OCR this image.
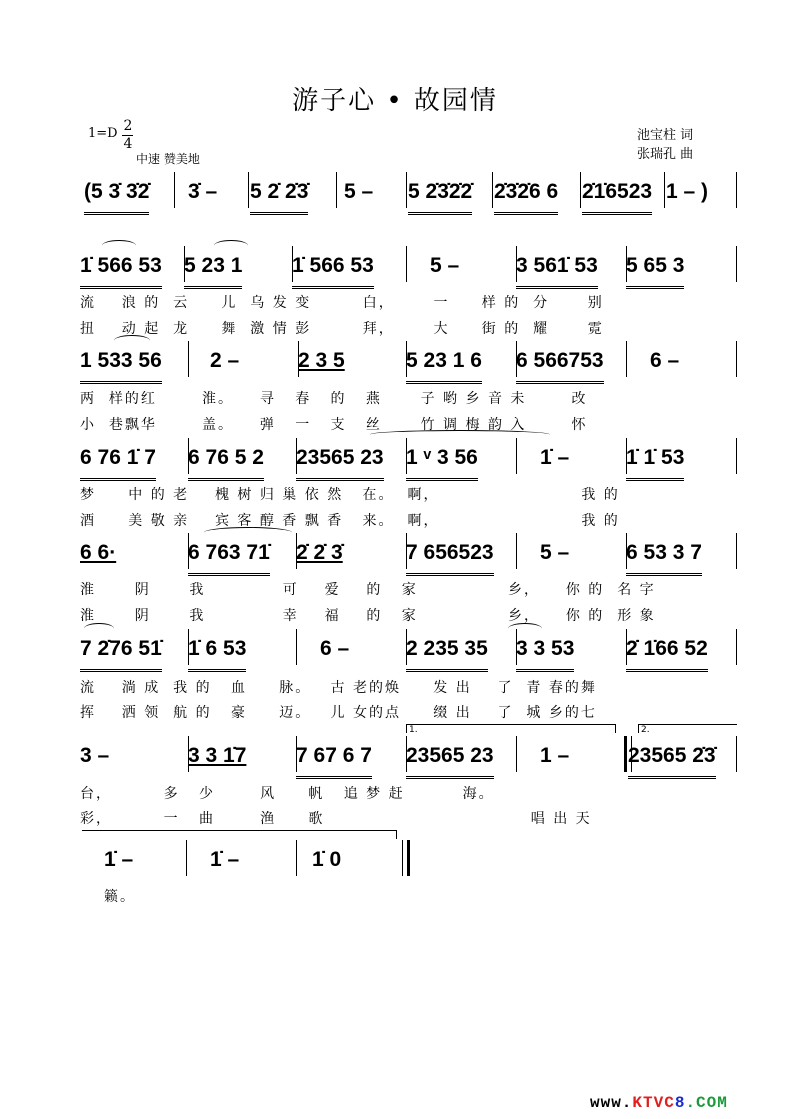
游子心 • 故园情
1=D 2
4
中速 赞美地
池宝柱 词
张瑞孔 曲
(5 3̇ 3̇2̇ 3̇ – 5 2̇ 2̇3̇ 5 – 5 2̇3̇2̇2̇ 2̇3̇2̇6 6 2̇1̇6523 1 – )
1̇ 566 53 5 23 1 1̇ 566 53	5 –	3 561̇ 53 5 65 3
流    浪 的  云     儿  乌 发 变        白，      一     样 的  分      别
扭    动 起  龙     舞  激 情 彭        拜，      大     街 的  耀      霓
1 533 56 2 –	2 3 5	5 23 1 6 6 566753 6 –
两  样的红       淮。    寻   春   的   燕      子 哟 乡 音 未       改
小  巷飘华       盖。    弹   一   支   丝      竹 调 梅 韵 入       怀
6 76 1̇ 7 6 76 5 2 23565 23 1 ᵛ 3 56	1̇ –	1̇ 1̇ 53
梦     中 的 老    槐 树 归 巢 依 然   在。  啊，                      我 的
酒     美 敬 亲    宾 客 醇 香 飘 香   来。  啊，                      我 的
6 6·	6 763 71̇ 2̇ 2̇ 3̇	7 656523 5 –	6 53 3 7
淮      阴      我            可    爱    的   家              乡，    你 的  名 字
淮      阴      我            幸    福    的   家              乡，    你 的  形 象
7 2̇76 51̇ 1̇ 6 53	6 –	2 235 35 3 3 53 2̇ 1̇66 52
流    淌 成  我 的   血     脉。   古 老的焕     发 出    了  青 春的舞
挥    洒 领  航 的   豪     迈。   儿 女的点     缀 出    了  城 乡的七
1.	2.
3 –	3 3 1̇7 7 67 6 7 23565 23 1 –	23565 2̇3̇
台，        多   少       风     帆   追 梦 赶         海。
彩，        一   曲       渔     歌                                唱 出 天
1̇ –	1̇ –	1̇ 0
籁。
www.KTVC8.COM
